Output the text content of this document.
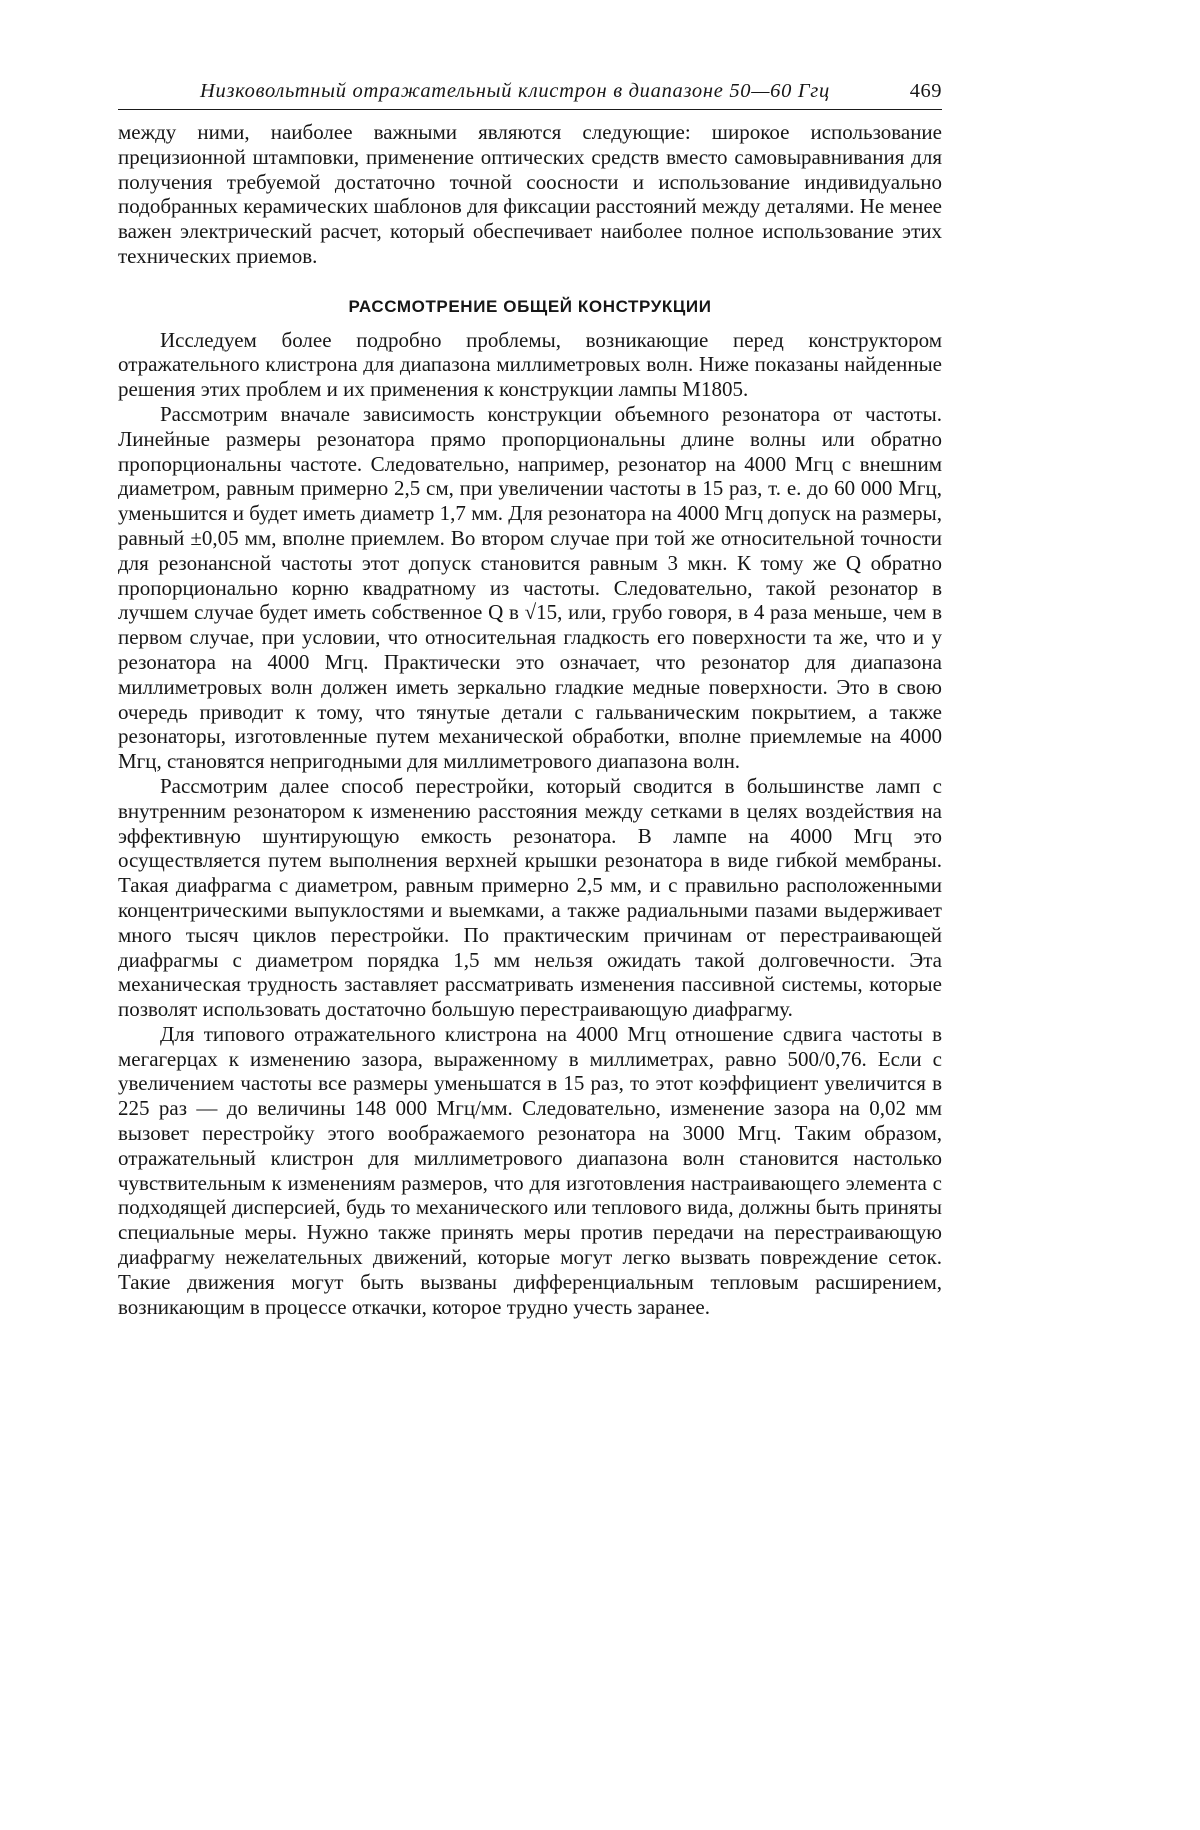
Низковольтный отражательный клистрон в диапазоне 50—60 Ггц	469

между ними, наиболее важными являются следующие: широкое использование прецизионной штамповки, применение оптических средств вместо самовыравнивания для получения требуемой достаточно точной соосности и использование индивидуально подобранных керамических шаблонов для фиксации расстояний между деталями. Не менее важен электрический расчет, который обеспечивает наиболее полное использование этих технических приемов.

РАССМОТРЕНИЕ ОБЩЕЙ КОНСТРУКЦИИ

Исследуем более подробно проблемы, возникающие перед конструктором отражательного клистрона для диапазона миллиметровых волн. Ниже показаны найденные решения этих проблем и их применения к конструкции лампы М1805.

Рассмотрим вначале зависимость конструкции объемного резонатора от частоты. Линейные размеры резонатора прямо пропорциональны длине волны или обратно пропорциональны частоте. Следовательно, например, резонатор на 4000 Мгц с внешним диаметром, равным примерно 2,5 см, при увеличении частоты в 15 раз, т. е. до 60 000 Мгц, уменьшится и будет иметь диаметр 1,7 мм. Для резонатора на 4000 Мгц допуск на размеры, равный ±0,05 мм, вполне приемлем. Во втором случае при той же относительной точности для резонансной частоты этот допуск становится равным 3 мкн. К тому же Q обратно пропорционально корню квадратному из частоты. Следовательно, такой резонатор в лучшем случае будет иметь собственное Q в √15, или, грубо говоря, в 4 раза меньше, чем в первом случае, при условии, что относительная гладкость его поверхности та же, что и у резонатора на 4000 Мгц. Практически это означает, что резонатор для диапазона миллиметровых волн должен иметь зеркально гладкие медные поверхности. Это в свою очередь приводит к тому, что тянутые детали с гальваническим покрытием, а также резонаторы, изготовленные путем механической обработки, вполне приемлемые на 4000 Мгц, становятся непригодными для миллиметрового диапазона волн.

Рассмотрим далее способ перестройки, который сводится в большинстве ламп с внутренним резонатором к изменению расстояния между сетками в целях воздействия на эффективную шунтирующую емкость резонатора. В лампе на 4000 Мгц это осуществляется путем выполнения верхней крышки резонатора в виде гибкой мембраны. Такая диафрагма с диаметром, равным примерно 2,5 мм, и с правильно расположенными концентрическими выпуклостями и выемками, а также радиальными пазами выдерживает много тысяч циклов перестройки. По практическим причинам от перестраивающей диафрагмы с диаметром порядка 1,5 мм нельзя ожидать такой долговечности. Эта механическая трудность заставляет рассматривать изменения пассивной системы, которые позволят использовать достаточно большую перестраивающую диафрагму.

Для типового отражательного клистрона на 4000 Мгц отношение сдвига частоты в мегагерцах к изменению зазора, выраженному в миллиметрах, равно 500/0,76. Если с увеличением частоты все размеры уменьшатся в 15 раз, то этот коэффициент увеличится в 225 раз — до величины 148 000 Мгц/мм. Следовательно, изменение зазора на 0,02 мм вызовет перестройку этого воображаемого резонатора на 3000 Мгц. Таким образом, отражательный клистрон для миллиметрового диапазона волн становится настолько чувствительным к изменениям размеров, что для изготовления настраивающего элемента с подходящей дисперсией, будь то механического или теплового вида, должны быть приняты специальные меры. Нужно также принять меры против передачи на перестраивающую диафрагму нежелательных движений, которые могут легко вызвать повреждение сеток. Такие движения могут быть вызваны дифференциальным тепловым расширением, возникающим в процессе откачки, которое трудно учесть заранее.
